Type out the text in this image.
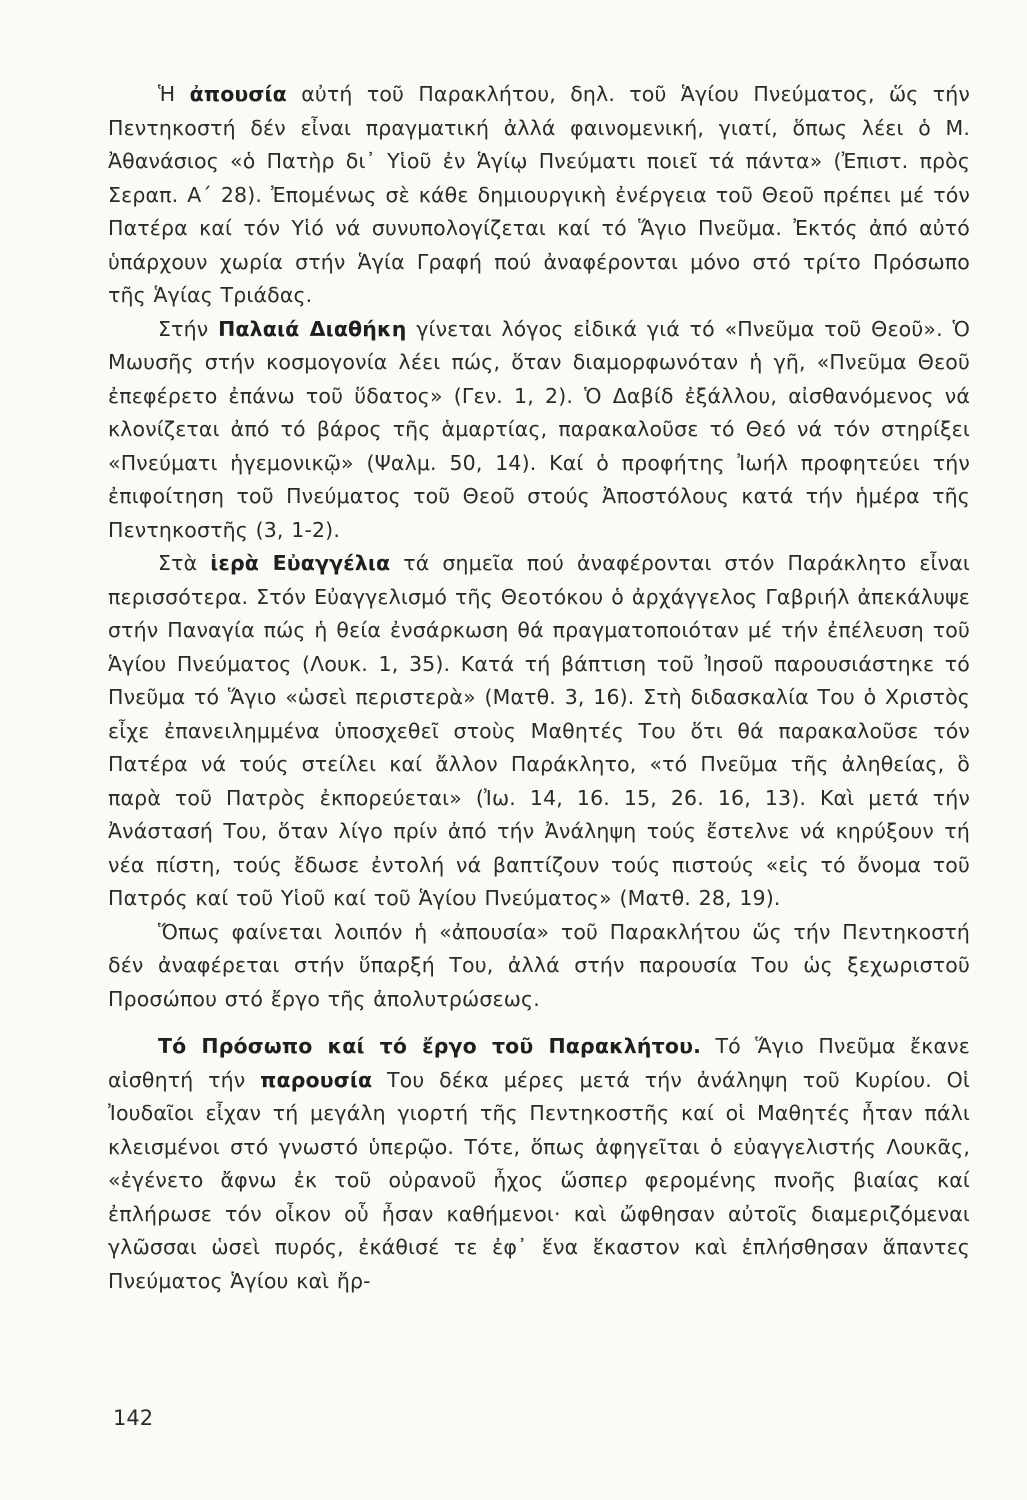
Ἡ ἀπουσία αὐτή τοῦ Παρακλήτου, δηλ. τοῦ Ἁγίου Πνεύματος, ὥς τήν Πεντηκοστή δέν εἶναι πραγματική ἀλλά φαινομενική, γιατί, ὅπως λέει ὁ Μ. Ἀθανάσιος «ὁ Πατὴρ δι᾽ Υἱοῦ ἐν Ἁγίῳ Πνεύματι ποιεῖ τά πάντα» (Ἐπιστ. πρὸς Σεραπ. Α΄ 28). Ἐπομένως σὲ κάθε δημιουργικὴ ἐνέργεια τοῦ Θεοῦ πρέπει μέ τόν Πατέρα καί τόν Υἱό νά συνυπολογίζεται καί τό Ἅγιο Πνεῦμα. Ἐκτός ἀπό αὐτό ὑπάρχουν χωρία στήν Ἁγία Γραφή πού ἀναφέρονται μόνο στό τρίτο Πρόσωπο τῆς Ἁγίας Τριάδας.

Στήν Παλαιά Διαθήκη γίνεται λόγος εἰδικά γιά τό «Πνεῦμα τοῦ Θεοῦ». Ὁ Μωυσῆς στήν κοσμογονία λέει πώς, ὅταν διαμορφωνόταν ἡ γῆ, «Πνεῦμα Θεοῦ ἐπεφέρετο ἐπάνω τοῦ ὕδατος» (Γεν. 1, 2). Ὁ Δαβίδ ἐξάλλου, αἰσθανόμενος νά κλονίζεται ἀπό τό βάρος τῆς ἁμαρτίας, παρακαλοῦσε τό Θεό νά τόν στηρίξει «Πνεύματι ἡγεμονικῷ» (Ψαλμ. 50, 14). Καί ὁ προφήτης Ἰωήλ προφητεύει τήν ἐπιφοίτηση τοῦ Πνεύματος τοῦ Θεοῦ στούς Ἀποστόλους κατά τήν ἡμέρα τῆς Πεντηκοστῆς (3, 1-2).

Στὰ ἱερὰ Εὐαγγέλια τά σημεῖα πού ἀναφέρονται στόν Παράκλητο εἶναι περισσότερα. Στόν Εὐαγγελισμό τῆς Θεοτόκου ὁ ἀρχάγγελος Γαβριήλ ἀπεκάλυψε στήν Παναγία πώς ἡ θεία ἐνσάρκωση θά πραγματοποιόταν μέ τήν ἐπέλευση τοῦ Ἁγίου Πνεύματος (Λουκ. 1, 35). Κατά τή βάπτιση τοῦ Ἰησοῦ παρουσιάστηκε τό Πνεῦμα τό Ἅγιο «ὡσεὶ περιστερὰ» (Ματθ. 3, 16). Στὴ διδασκαλία Του ὁ Χριστὸς εἶχε ἐπανειλημμένα ὑποσχεθεῖ στοὺς Μαθητές Του ὅτι θά παρακαλοῦσε τόν Πατέρα νά τούς στείλει καί ἄλλον Παράκλητο, «τό Πνεῦμα τῆς ἀληθείας, ὃ παρὰ τοῦ Πατρὸς ἐκπορεύεται» (Ἰω. 14, 16. 15, 26. 16, 13). Καὶ μετά τήν Ἀνάστασή Του, ὅταν λίγο πρίν ἀπό τήν Ἀνάληψη τούς ἔστελνε νά κηρύξουν τή νέα πίστη, τούς ἔδωσε ἐντολή νά βαπτίζουν τούς πιστούς «εἰς τό ὄνομα τοῦ Πατρός καί τοῦ Υἱοῦ καί τοῦ Ἁγίου Πνεύματος» (Ματθ. 28, 19).

Ὅπως φαίνεται λοιπόν ἡ «ἀπουσία» τοῦ Παρακλήτου ὥς τήν Πεντηκοστή δέν ἀναφέρεται στήν ὕπαρξή Του, ἀλλά στήν παρουσία Του ὡς ξεχωριστοῦ Προσώπου στό ἔργο τῆς ἀπολυτρώσεως.

Τό Πρόσωπο καί τό ἔργο τοῦ Παρακλήτου. Τό Ἅγιο Πνεῦμα ἔκανε αἰσθητή τήν παρουσία Του δέκα μέρες μετά τήν ἀνάληψη τοῦ Κυρίου. Οἱ Ἰουδαῖοι εἶχαν τή μεγάλη γιορτή τῆς Πεντηκοστῆς καί οἱ Μαθητές ἦταν πάλι κλεισμένοι στό γνωστό ὑπερῷο. Τότε, ὅπως ἀφηγεῖται ὁ εὐαγγελιστής Λουκᾶς, «ἐγένετο ἄφνω ἐκ τοῦ οὐρανοῦ ἦχος ὥσπερ φερομένης πνοῆς βιαίας καί ἐπλήρωσε τόν οἶκον οὗ ἦσαν καθήμενοι· καὶ ὤφθησαν αὐτοῖς διαμεριζόμεναι γλῶσσαι ὡσεὶ πυρός, ἐκάθισέ τε ἐφ᾽ ἕνα ἕκαστον καὶ ἐπλήσθησαν ἅπαντες Πνεύματος Ἁγίου καὶ ἤρ-

142
